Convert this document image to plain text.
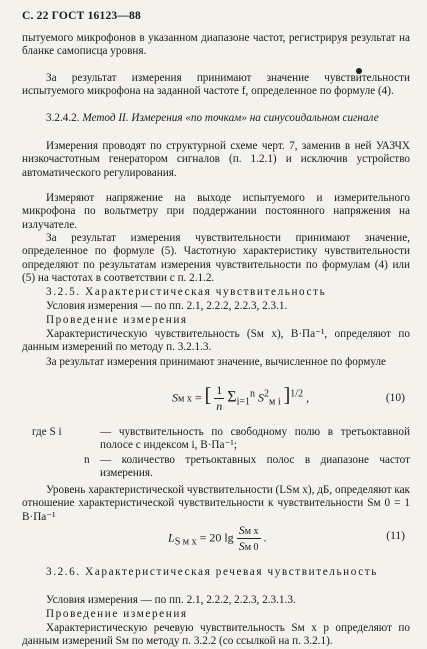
С. 22 ГОСТ 16123—88
пытуемого микрофонов в указанном диапазоне частот, регистрируя результат на бланке самописца уровня.
За результат измерения принимают значение чувствительности испытуемого микрофона на заданной частоте f, определенное по формуле (4).
3.2.4.2. Метод II. Измерения «по точкам» на синусоидальном сигнале
Измерения проводят по структурной схеме черт. 7, заменив в ней УАЗЧХ низкочастотным генератором сигналов (п. 1.2.1) и исключив устройство автоматического регулирования.
Измеряют напряжение на выходе испытуемого и измерительного микрофона по вольтметру при поддержании постоянного напряжения на излучателе.
За результат измерения чувствительности принимают значение, определенное по формуле (5). Частотную характеристику чувствительности определяют по результатам измерения чувствительности по формулам (4) или (5) на частотах в соответствии с п. 2.1.2.
3.2.5. Характеристическая чувствительность
Условия измерения — по пп. 2.1, 2.2.2, 2.2.3, 2.3.1.
Проведение измерения
Характеристическую чувствительность (Sм х), В·Па⁻¹, определяют по данным измерений по методу п. 3.2.1.3.
За результат измерения принимают значение, вычисленное по формуле
Sм х = [ $\frac{1}{n} \Sigma_{i=1}^n$ $S^2_{м i}$ ]$^{1/2}$ ,	(10)
где S i	— чувствительность по свободному полю в третьоктавной полосе с индексом i, В·Па⁻¹;
n — количество третьоктавных полос в диапазоне частот измерения.
Уровень характеристической чувствительности (LSм х), дБ, определяют как отношение характеристической чувствительности к чувствительности Sм 0 = 1 В·Па⁻¹
$L_{S м х} = 20$ $\lg \frac{\text{Sм х}}{Sм 0}$ .	(11)
3.2.6. Характеристическая речевая чувствительность
Условия измерения — по пп. 2.1, 2.2.2, 2.2.3, 2.3.1.3.
Проведение измерения
Характеристическую речевую чувствительность Sм х р определяют по данным измерений Sм по методу п. 3.2.2 (со ссылкой на п. 3.2.1).
